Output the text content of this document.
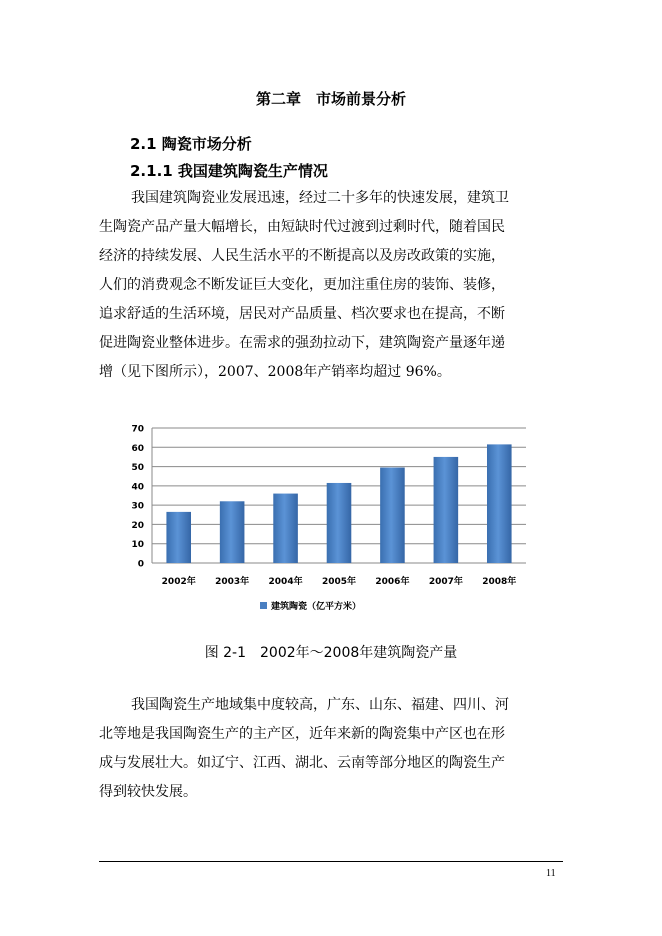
第二章　市场前景分析
2.1 陶瓷市场分析
2.1.1 我国建筑陶瓷生产情况
我国建筑陶瓷业发展迅速，经过二十多年的快速发展，建筑卫
生陶瓷产品产量大幅增长，由短缺时代过渡到过剩时代，随着国民
经济的持续发展、人民生活水平的不断提高以及房改政策的实施，
人们的消费观念不断发证巨大变化，更加注重住房的装饰、装修，
追求舒适的生活环境，居民对产品质量、档次要求也在提高，不断
促进陶瓷业整体进步。在需求的强劲拉动下，建筑陶瓷产量逐年递
增（见下图所示），2007、2008年产销率均超过 96%。
0
10
20
30
40
50
60
70
2002年 2003年 2004年 2005年 2006年 2007年 2008年
建筑陶瓷（亿平方米）
图 2-1　2002年～2008年建筑陶瓷产量
我国陶瓷生产地域集中度较高，广东、山东、福建、四川、河
北等地是我国陶瓷生产的主产区，近年来新的陶瓷集中产区也在形
成与发展壮大。如辽宁、江西、湖北、云南等部分地区的陶瓷生产
得到较快发展。
11
